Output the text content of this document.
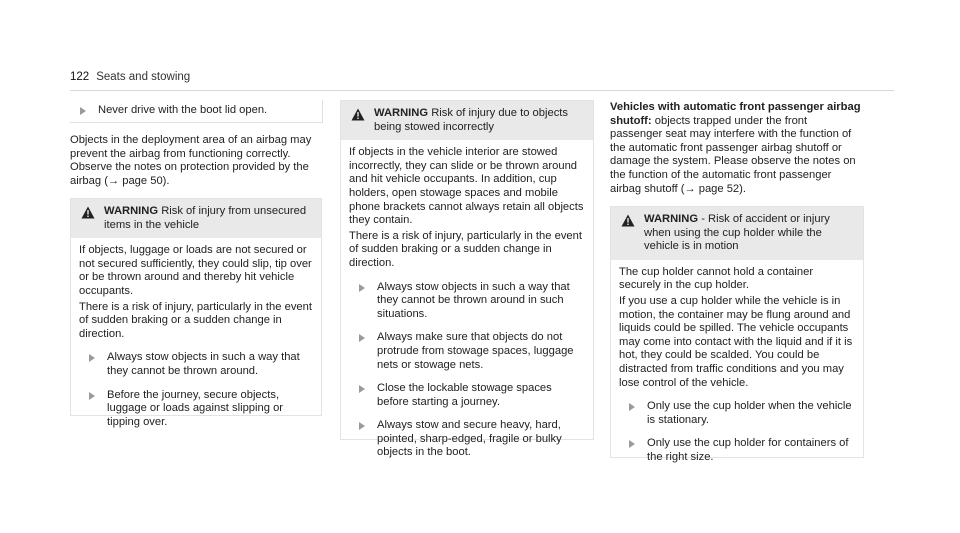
122 Seats and stowing
Never drive with the boot lid open.

Objects in the deployment area of an airbag may prevent the airbag from functioning correctly. Observe the notes on protection provided by the airbag (→ page 50).

WARNING Risk of injury from unsecured items in the vehicle

If objects, luggage or loads are not secured or not secured sufficiently, they could slip, tip over or be thrown around and thereby hit vehicle occupants.

There is a risk of injury, particularly in the event of sudden braking or a sudden change in direction.

Always stow objects in such a way that they cannot be thrown around.
Before the journey, secure objects, luggage or loads against slipping or tipping over.
WARNING Risk of injury due to objects being stowed incorrectly

If objects in the vehicle interior are stowed incorrectly, they can slide or be thrown around and hit vehicle occupants. In addition, cup holders, open stowage spaces and mobile phone brackets cannot always retain all objects they contain.

There is a risk of injury, particularly in the event of sudden braking or a sudden change in direction.

Always stow objects in such a way that they cannot be thrown around in such situations.
Always make sure that objects do not protrude from stowage spaces, luggage nets or stowage nets.
Close the lockable stowage spaces before starting a journey.
Always stow and secure heavy, hard, pointed, sharp-edged, fragile or bulky objects in the boot.

Vehicles with automatic front passenger airbag shutoff: objects trapped under the front passenger seat may interfere with the function of the automatic front passenger airbag shutoff or damage the system. Please observe the notes on the function of the automatic front passenger airbag shutoff (→ page 52).

WARNING - Risk of accident or injury when using the cup holder while the vehicle is in motion

The cup holder cannot hold a container securely in the cup holder.

If you use a cup holder while the vehicle is in motion, the container may be flung around and liquids could be spilled. The vehicle occupants may come into contact with the liquid and if it is hot, they could be scalded. You could be distracted from traffic conditions and you may lose control of the vehicle.

Only use the cup holder when the vehicle is stationary.
Only use the cup holder for containers of the right size.
